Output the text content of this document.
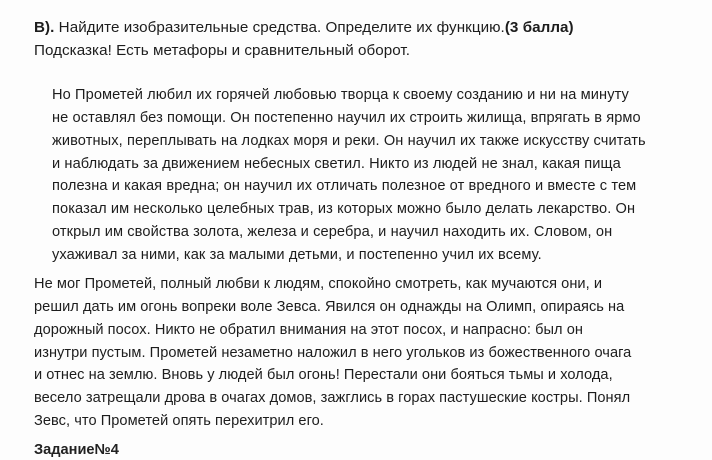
В). Найдите изобразительные средства. Определите их функцию.(3 балла)
Подсказка! Есть метафоры и сравнительный оборот.
Но Прометей любил их горячей любовью творца к своему созданию и ни на минуту
не оставлял без помощи. Он постепенно научил их строить жилища, впрягать в ярмо
животных, переплывать на лодках моря и реки. Он научил их также искусству считать
и наблюдать за движением небесных светил. Никто из людей не знал, какая пища
полезна и какая вредна; он научил их отличать полезное от вредного и вместе с тем
показал им несколько целебных трав, из которых можно было делать лекарство. Он
открыл им свойства золота, железа и серебра, и научил находить их. Словом, он
ухаживал за ними, как за малыми детьми, и постепенно учил их всему.
Не мог Прометей, полный любви к людям, спокойно смотреть, как мучаются они, и
решил дать им огонь вопреки воле Зевса. Явился он однажды на Олимп, опираясь на
дорожный посох. Никто не обратил внимания на этот посох, и напрасно: был он
изнутри пустым. Прометей незаметно наложил в него угольков из божественного очага
и отнес на землю. Вновь у людей был огонь! Перестали они бояться тьмы и холода,
весело затрещали дрова в очагах домов, зажглись в горах пастушеские костры. Понял
Зевс, что Прометей опять перехитрил его.
Задание№4
